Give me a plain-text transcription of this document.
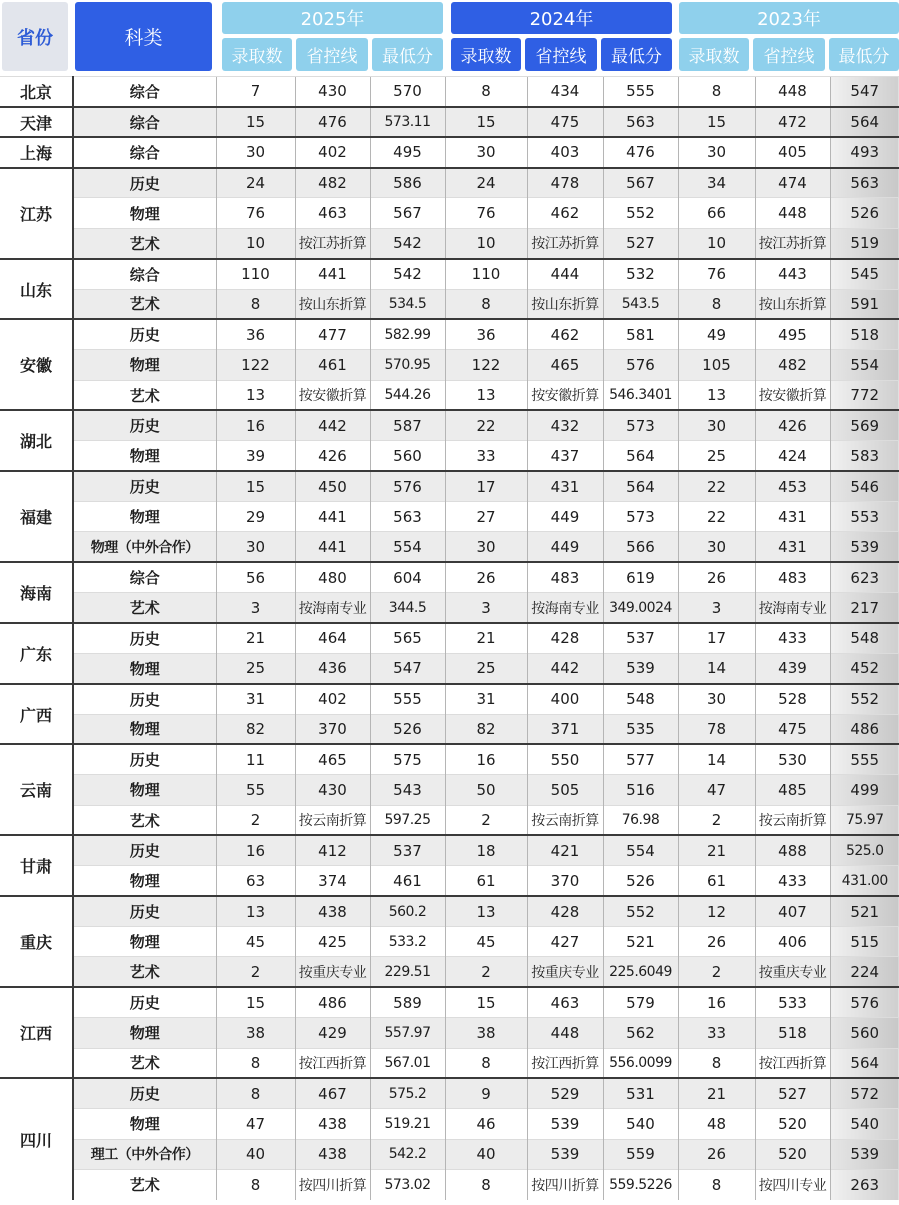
省份	科类
2025年	2024年	2023年
录取数	省控线	最低分	录取数	省控线	最低分	录取数	省控线	最低分
北京	综合	7	430	570	8	434	555	8	448	547
天津	综合	15	476	573.11	15	475	563	15	472	564
上海	综合	30	402	495	30	403	476	30	405	493
江苏	历史	24	482	586	24	478	567	34	474	563
	物理	76	463	567	76	462	552	66	448	526
	艺术	10	按江苏折算	542	10	按江苏折算	527	10	按江苏折算	519
山东	综合	110	441	542	110	444	532	76	443	545
	艺术	8	按山东折算	534.5	8	按山东折算	543.5	8	按山东折算	591
安徽	历史	36	477	582.99	36	462	581	49	495	518
	物理	122	461	570.95	122	465	576	105	482	554
	艺术	13	按安徽折算	544.26	13	按安徽折算	546.3401	13	按安徽折算	772
湖北	历史	16	442	587	22	432	573	30	426	569
	物理	39	426	560	33	437	564	25	424	583
福建	历史	15	450	576	17	431	564	22	453	546
	物理	29	441	563	27	449	573	22	431	553
	物理（中外合作）	30	441	554	30	449	566	30	431	539
海南	综合	56	480	604	26	483	619	26	483	623
	艺术	3	按海南专业	344.5	3	按海南专业	349.0024	3	按海南专业	217
广东	历史	21	464	565	21	428	537	17	433	548
	物理	25	436	547	25	442	539	14	439	452
广西	历史	31	402	555	31	400	548	30	528	552
	物理	82	370	526	82	371	535	78	475	486
云南	历史	11	465	575	16	550	577	14	530	555
	物理	55	430	543	50	505	516	47	485	499
	艺术	2	按云南折算	597.25	2	按云南折算	76.98	2	按云南折算	75.97
甘肃	历史	16	412	537	18	421	554	21	488	525.0
	物理	63	374	461	61	370	526	61	433	431.00
重庆	历史	13	438	560.2	13	428	552	12	407	521
	物理	45	425	533.2	45	427	521	26	406	515
	艺术	2	按重庆专业	229.51	2	按重庆专业	225.6049	2	按重庆专业	224
江西	历史	15	486	589	15	463	579	16	533	576
	物理	38	429	557.97	38	448	562	33	518	560
	艺术	8	按江西折算	567.01	8	按江西折算	556.0099	8	按江西折算	564
四川	历史	8	467	575.2	9	529	531	21	527	572
	物理	47	438	519.21	46	539	540	48	520	540
	理工（中外合作）	40	438	542.2	40	539	559	26	520	539
	艺术	8	按四川折算	573.02	8	按四川折算	559.5226	8	按四川专业	263
